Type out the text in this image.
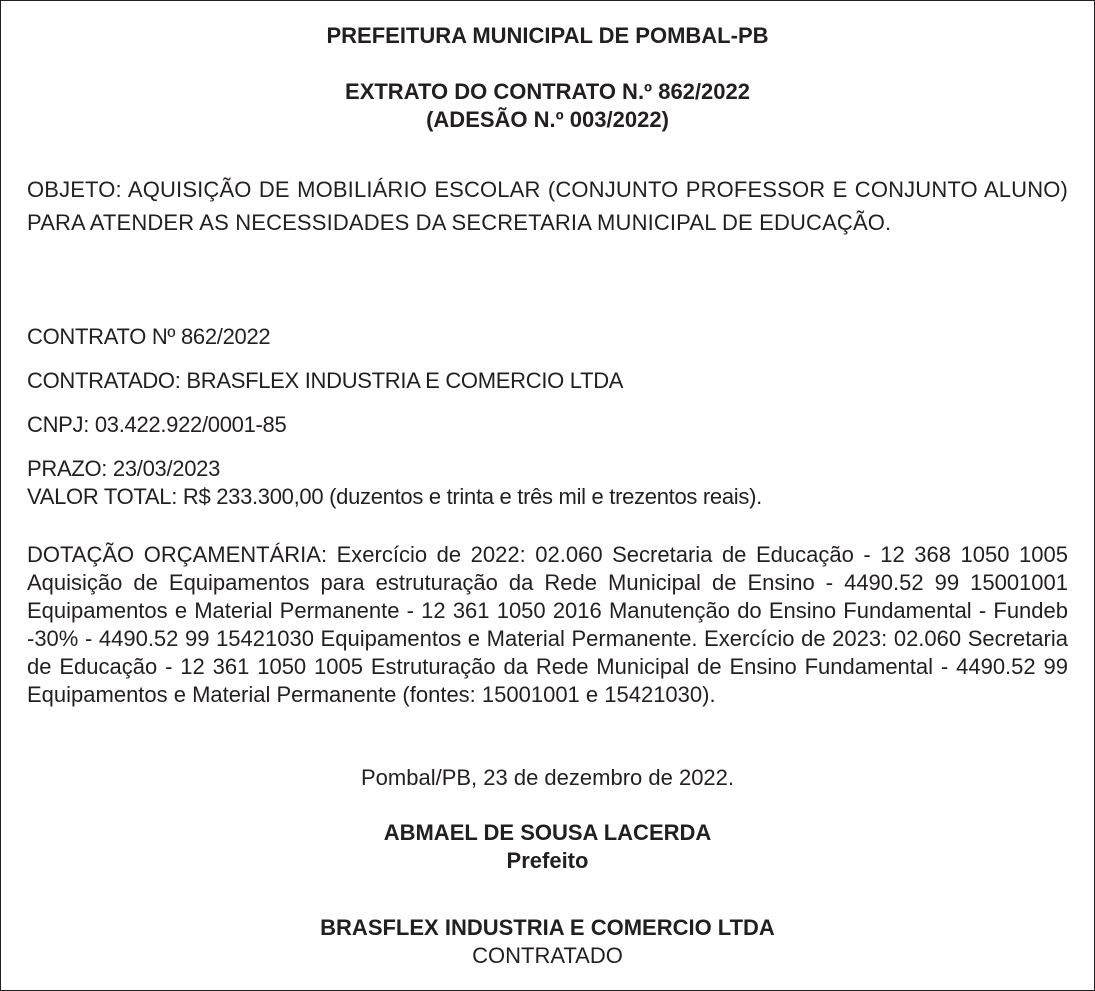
PREFEITURA MUNICIPAL DE POMBAL-PB
EXTRATO DO CONTRATO N.º 862/2022
(ADESÃO N.º 003/2022)
OBJETO: AQUISIÇÃO DE MOBILIÁRIO ESCOLAR (CONJUNTO PROFESSOR E CONJUNTO ALUNO) PARA ATENDER AS NECESSIDADES DA SECRETARIA MUNICIPAL DE EDUCAÇÃO.
CONTRATO Nº 862/2022
CONTRATADO: BRASFLEX INDUSTRIA E COMERCIO LTDA
CNPJ: 03.422.922/0001-85
PRAZO: 23/03/2023
VALOR TOTAL: R$ 233.300,00 (duzentos e trinta e três mil e trezentos reais).
DOTAÇÃO ORÇAMENTÁRIA: Exercício de 2022: 02.060 Secretaria de Educação - 12 368 1050 1005 Aquisição de Equipamentos para estruturação da Rede Municipal de Ensino - 4490.52 99 15001001 Equipamentos e Material Permanente - 12 361 1050 2016 Manutenção do Ensino Fundamental - Fundeb -30% - 4490.52 99 15421030 Equipamentos e Material Permanente. Exercício de 2023: 02.060 Secretaria de Educação - 12 361 1050 1005 Estruturação da Rede Municipal de Ensino Fundamental - 4490.52 99 Equipamentos e Material Permanente (fontes: 15001001 e 15421030).
Pombal/PB, 23 de dezembro de 2022.
ABMAEL DE SOUSA LACERDA
Prefeito
BRASFLEX INDUSTRIA E COMERCIO LTDA
CONTRATADO
